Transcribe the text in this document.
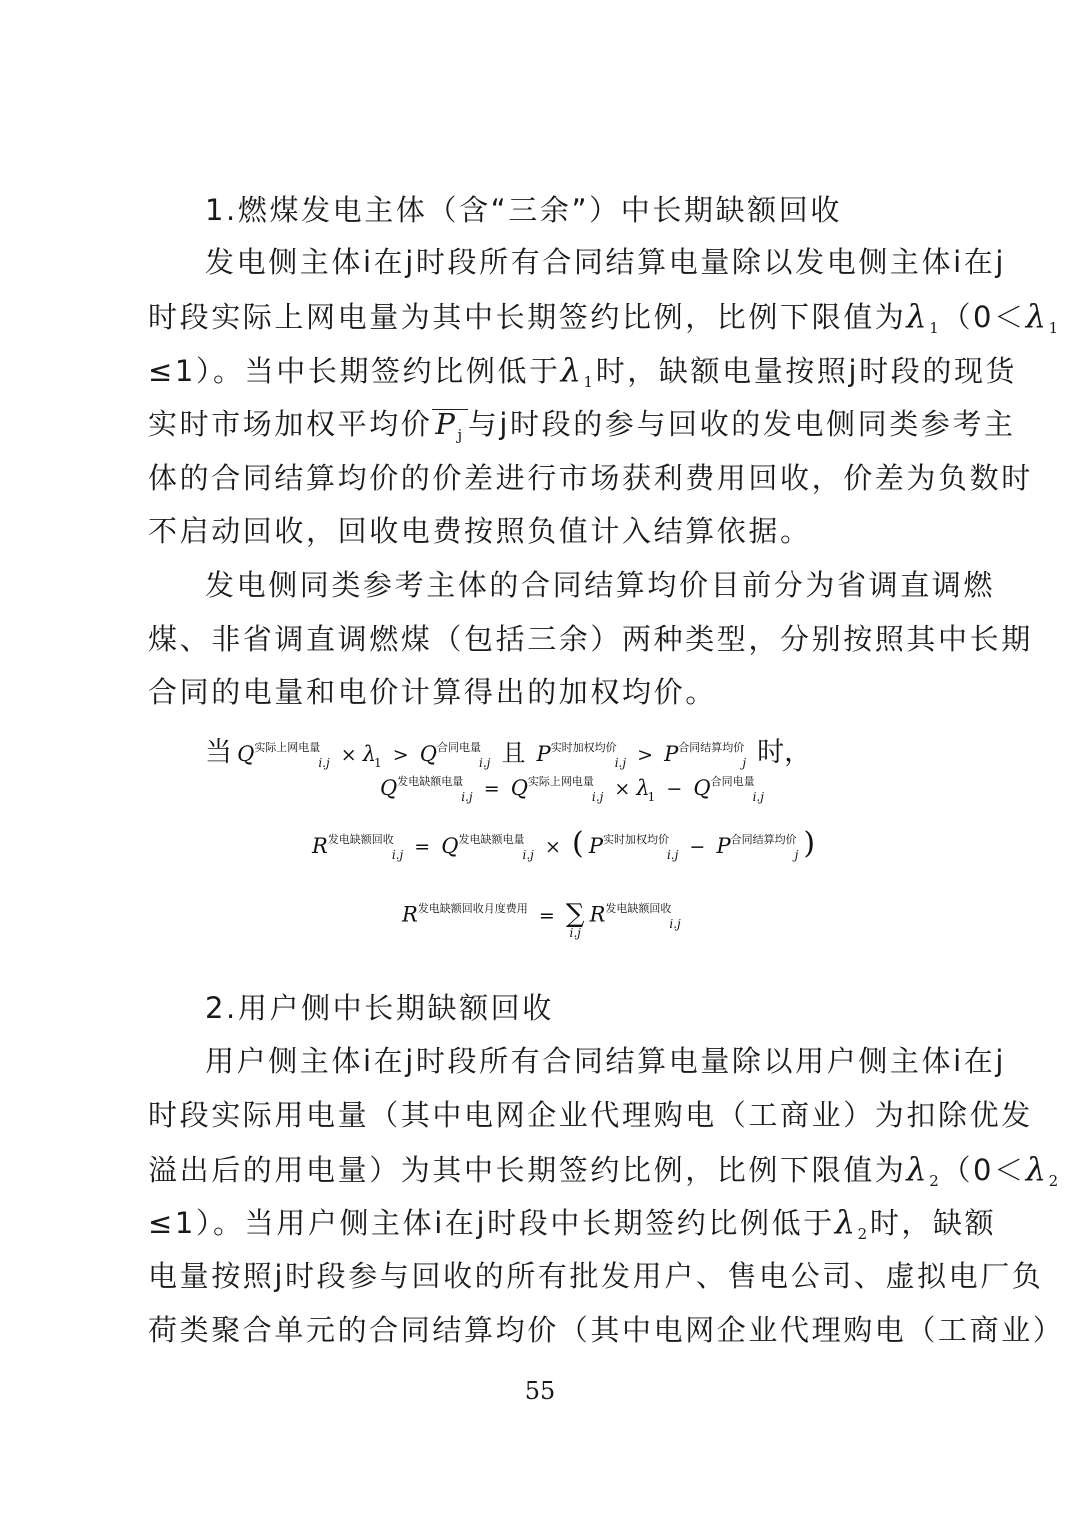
1.燃煤发电主体（含“三余”）中长期缺额回收
发电侧主体i在j时段所有合同结算电量除以发电侧主体i在j
时段实际上网电量为其中长期签约比例，比例下限值为$\lambda_1(0<\lambda_1$
≤1）。当中长期签约比例低于$\lambda_1$时，缺额电量按照j时段的现货
实时市场加权平均价 $P_j$ 与j时段的参与回收的发电侧同类参考主
体的合同结算均价的价差进行市场获利费用回收，价差为负数时
不启动回收，回收电费按照负值计入结算依据。
发电侧同类参考主体的合同结算均价目前分为省调直调燃
煤、非省调直调燃煤（包括三余）两种类型，分别按照其中长期
合同的电量和电价计算得出的加权均价。
当 $Q^{实际上网电量}_{i.j} \times \lambda_1 > Q^{合同电量}_{i.j}$ 且 $P^{实时加权均价}_{i.j} > P^{合同结算均价}_j$ 时，
$Q^{发电缺额电量}_{i.j} = Q^{实际上网电量}_{i.j} \times \lambda_1 - Q^{合同电量}_{i.j}$
$R^{发电缺额回收}_{i.j} = Q^{发电缺额电量}_{i.j}$ × ( $P^{实时加权均价}_{i.j} - P^{合同结算均价}_j$ )
$R^{发电缺额回收月度费用}$ = ∑
i.j
$R^{发电缺额回收}_{i.j}$
2.用户侧中长期缺额回收
用户侧主体i在j时段所有合同结算电量除以用户侧主体i在j
时段实际用电量（其中电网企业代理购电（工商业）为扣除优发
溢出后的用电量）为其中长期签约比例，比例下限值为$\lambda_2(0<\lambda_2$
≤1）。当用户侧主体i在j时段中长期签约比例低于$\lambda_2$时，缺额
电量按照j时段参与回收的所有批发用户、售电公司、虚拟电厂负
荷类聚合单元的合同结算均价（其中电网企业代理购电（工商业）
55
